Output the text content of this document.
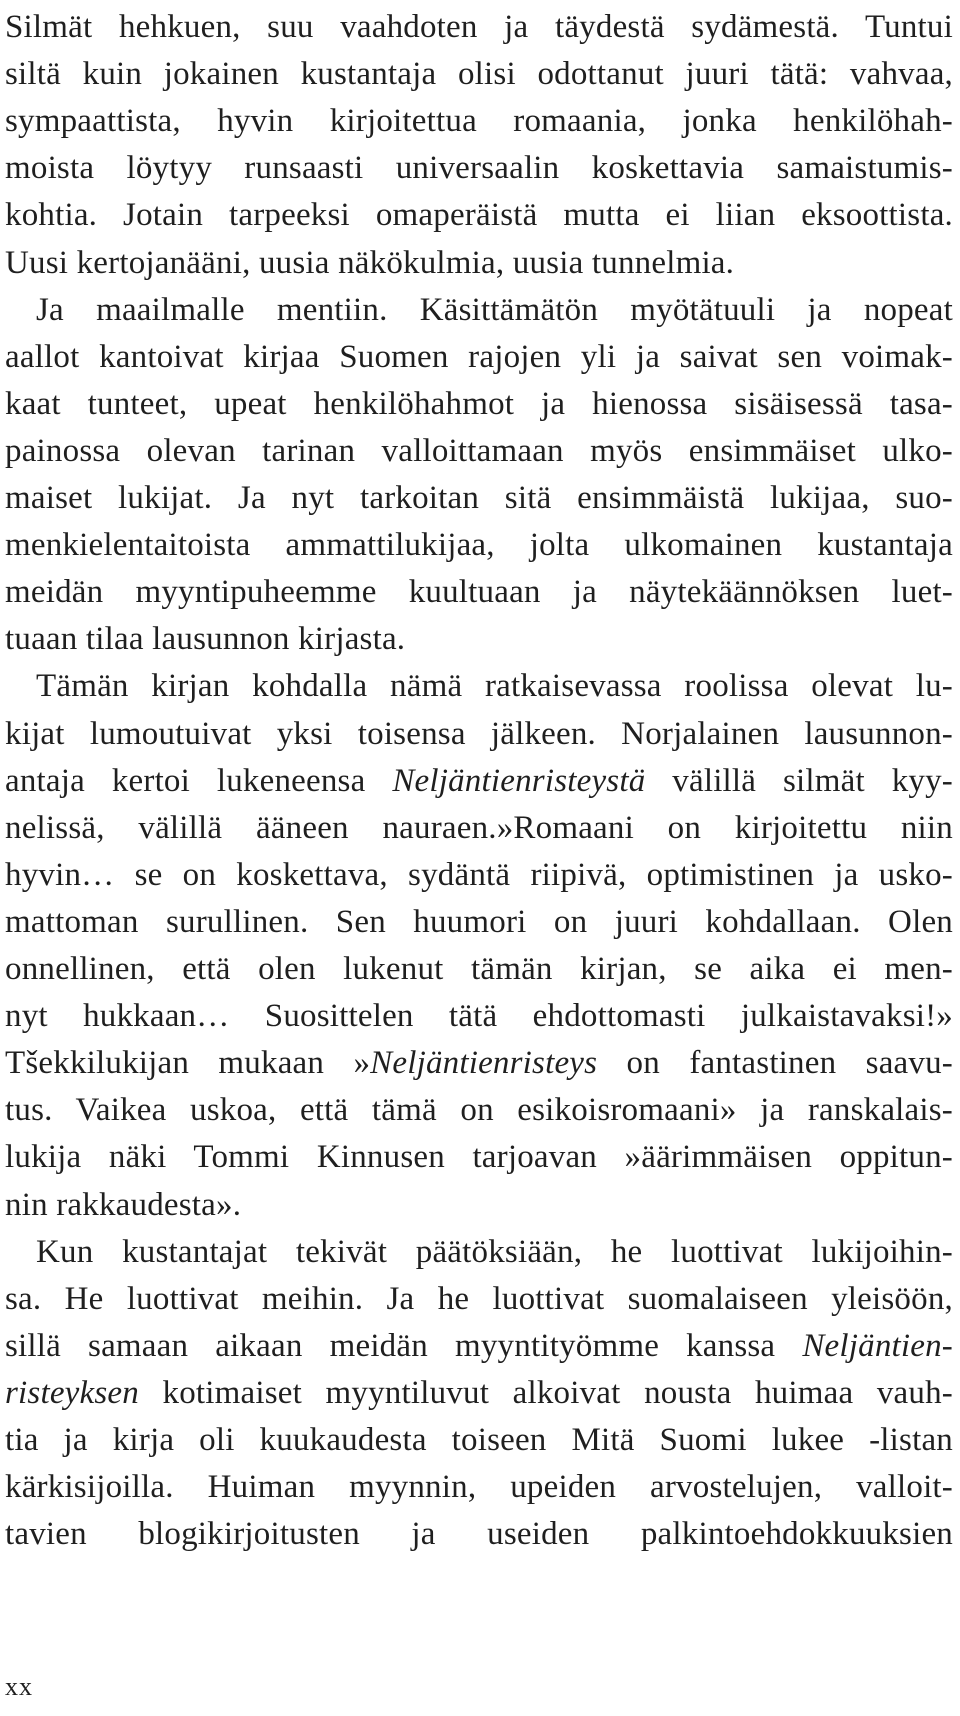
Silmät hehkuen, suu vaahdoten ja täydestä sydämestä. Tuntui
siltä kuin jokainen kustantaja olisi odottanut juuri tätä: vahvaa,
sympaattista, hyvin kirjoitettua romaania, jonka henkilöhah-
moista löytyy runsaasti universaalin koskettavia samaistumis-
kohtia. Jotain tarpeeksi omaperäistä mutta ei liian eksoottista.
Uusi kertojanääni, uusia näkökulmia, uusia tunnelmia.
Ja maailmalle mentiin. Käsittämätön myötätuuli ja nopeat
aallot kantoivat kirjaa Suomen rajojen yli ja saivat sen voimak-
kaat tunteet, upeat henkilöhahmot ja hienossa sisäisessä tasa-
painossa olevan tarinan valloittamaan myös ensimmäiset ulko-
maiset lukijat. Ja nyt tarkoitan sitä ensimmäistä lukijaa, suo-
menkielentaitoista ammattilukijaa, jolta ulkomainen kustantaja
meidän myyntipuheemme kuultuaan ja näytekäännöksen luet-
tuaan tilaa lausunnon kirjasta.
Tämän kirjan kohdalla nämä ratkaisevassa roolissa olevat lu-
kijat lumoutuivat yksi toisensa jälkeen. Norjalainen lausunnon-
antaja kertoi lukeneensa Neljäntienristeystä välillä silmät kyy-
nelissä, välillä ääneen nauraen.»Romaani on kirjoitettu niin
hyvin… se on koskettava, sydäntä riipivä, optimistinen ja usko-
mattoman surullinen. Sen huumori on juuri kohdallaan. Olen
onnellinen, että olen lukenut tämän kirjan, se aika ei men-
nyt hukkaan… Suosittelen tätä ehdottomasti julkaistavaksi!»
Tšekkilukijan mukaan »Neljäntienristeys on fantastinen saavu-
tus. Vaikea uskoa, että tämä on esikoisromaani» ja ranskalais-
lukija näki Tommi Kinnusen tarjoavan »äärimmäisen oppitun-
nin rakkaudesta».
Kun kustantajat tekivät päätöksiään, he luottivat lukijoihin-
sa. He luottivat meihin. Ja he luottivat suomalaiseen yleisöön,
sillä samaan aikaan meidän myyntityömme kanssa Neljäntien-
risteyksen kotimaiset myyntiluvut alkoivat nousta huimaa vauh-
tia ja kirja oli kuukaudesta toiseen Mitä Suomi lukee -listan
kärkisijoilla. Huiman myynnin, upeiden arvostelujen, valloit-
tavien blogikirjoitusten ja useiden palkintoehdokkuuksien
xx
